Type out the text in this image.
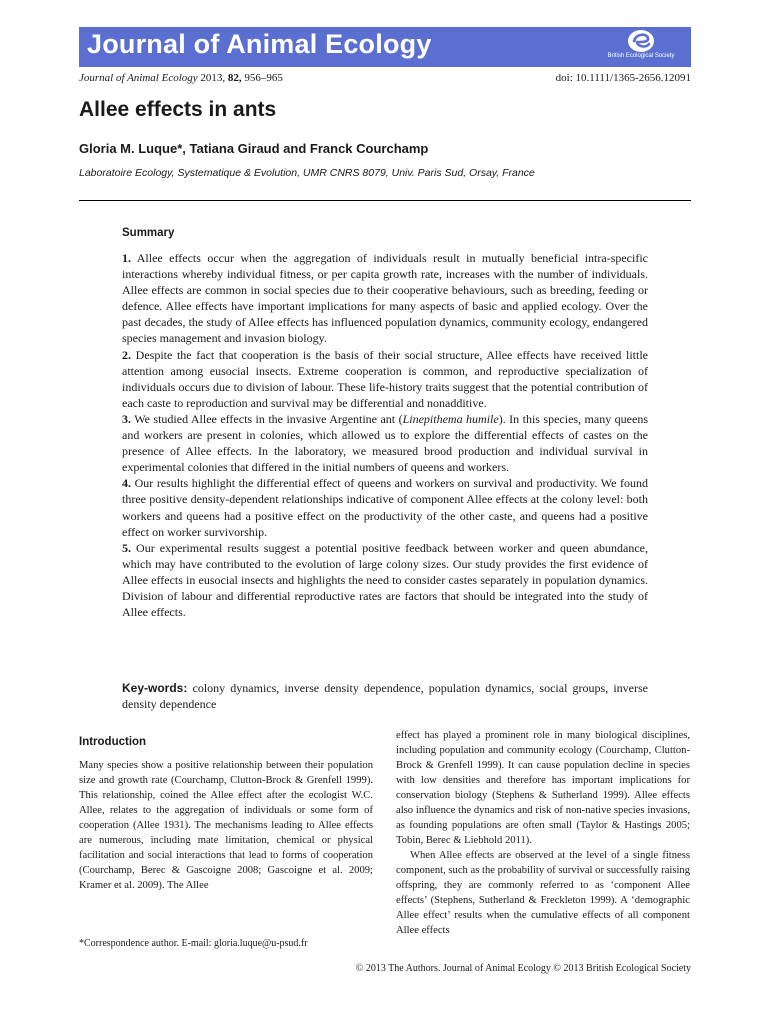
Journal of Animal Ecology	British Ecological Society
Journal of Animal Ecology 2013, 82, 956–965	doi: 10.1111/1365-2656.12091
Allee effects in ants
Gloria M. Luque*, Tatiana Giraud and Franck Courchamp
Laboratoire Ecology, Systematique & Evolution, UMR CNRS 8079, Univ. Paris Sud, Orsay, France
Summary

1. Allee effects occur when the aggregation of individuals result in mutually beneficial intra-specific interactions whereby individual fitness, or per capita growth rate, increases with the number of individuals. Allee effects are common in social species due to their cooperative behaviours, such as breeding, feeding or defence. Allee effects have important implications for many aspects of basic and applied ecology. Over the past decades, the study of Allee effects has influenced population dynamics, community ecology, endangered species management and invasion biology.

2. Despite the fact that cooperation is the basis of their social structure, Allee effects have received little attention among eusocial insects. Extreme cooperation is common, and reproductive specialization of individuals occurs due to division of labour. These life-history traits suggest that the potential contribution of each caste to reproduction and survival may be differential and nonadditive.

3. We studied Allee effects in the invasive Argentine ant (Linepithema humile). In this species, many queens and workers are present in colonies, which allowed us to explore the differential effects of castes on the presence of Allee effects. In the laboratory, we measured brood production and individual survival in experimental colonies that differed in the initial numbers of queens and workers.

4. Our results highlight the differential effect of queens and workers on survival and productivity. We found three positive density-dependent relationships indicative of component Allee effects at the colony level: both workers and queens had a positive effect on the productivity of the other caste, and queens had a positive effect on worker survivorship.

5. Our experimental results suggest a potential positive feedback between worker and queen abundance, which may have contributed to the evolution of large colony sizes. Our study provides the first evidence of Allee effects in eusocial insects and highlights the need to consider castes separately in population dynamics. Division of labour and differential reproductive rates are factors that should be integrated into the study of Allee effects.

Key-words: colony dynamics, inverse density dependence, population dynamics, social groups, inverse density dependence
Introduction

Many species show a positive relationship between their population size and growth rate (Courchamp, Clutton-Brock & Grenfell 1999). This relationship, coined the Allee effect after the ecologist W.C. Allee, relates to the aggregation of individuals or some form of cooperation (Allee 1931). The mechanisms leading to Allee effects are numerous, including mate limitation, chemical or physical facilitation and social interactions that lead to forms of cooperation (Courchamp, Berec & Gascoigne 2008; Gascoigne et al. 2009; Kramer et al. 2009). The Allee

effect has played a prominent role in many biological disciplines, including population and community ecology (Courchamp, Clutton-Brock & Grenfell 1999). It can cause population decline in species with low densities and therefore has important implications for conservation biology (Stephens & Sutherland 1999). Allee effects also influence the dynamics and risk of non-native species invasions, as founding populations are often small (Taylor & Hastings 2005; Tobin, Berec & Liebhold 2011).

When Allee effects are observed at the level of a single fitness component, such as the probability of survival or successfully raising offspring, they are commonly referred to as ‘component Allee effects’ (Stephens, Sutherland & Freckleton 1999). A ‘demographic Allee effect’ results when the cumulative effects of all component Allee effects

*Correspondence author. E-mail: gloria.luque@u-psud.fr
© 2013 The Authors. Journal of Animal Ecology © 2013 British Ecological Society
